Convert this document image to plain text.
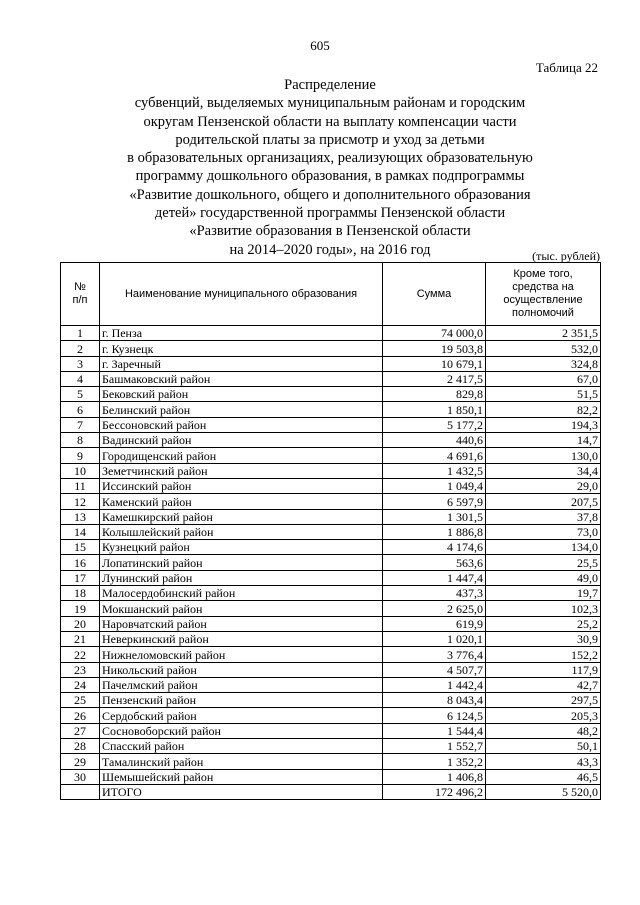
605
Таблица 22
Распределение
субвенций, выделяемых муниципальным районам и городским
округам Пензенской области на выплату компенсации части
родительской платы за присмотр и уход за детьми
в образовательных организациях, реализующих образовательную
программу дошкольного образования, в рамках подпрограммы
«Развитие дошкольного, общего и дополнительного образования
детей» государственной программы Пензенской области
«Развитие образования в Пензенской области
на 2014–2020 годы», на 2016 год	(тыс. рублей)
№
п/п	Наименование муниципального образования	Сумма	Кроме того,
средства на
осуществление
полномочий
1	г. Пенза	74 000,0	2 351,5
2	г. Кузнецк	19 503,8	532,0
3	г. Заречный	10 679,1	324,8
4	Башмаковский район	2 417,5	67,0
5	Бековский район	829,8	51,5
6	Белинский район	1 850,1	82,2
7	Бессоновский район	5 177,2	194,3
8	Вадинский район	440,6	14,7
9	Городищенский район	4 691,6	130,0
10	Земетчинский район	1 432,5	34,4
11	Иссинский район	1 049,4	29,0
12	Каменский район	6 597,9	207,5
13	Камешкирский район	1 301,5	37,8
14	Колышлейский район	1 886,8	73,0
15	Кузнецкий район	4 174,6	134,0
16	Лопатинский район	563,6	25,5
17	Лунинский район	1 447,4	49,0
18	Малосердобинский район	437,3	19,7
19	Мокшанский район	2 625,0	102,3
20	Наровчатский район	619,9	25,2
21	Неверкинский район	1 020,1	30,9
22	Нижнеломовский район	3 776,4	152,2
23	Никольский район	4 507,7	117,9
24	Пачелмский район	1 442,4	42,7
25	Пензенский район	8 043,4	297,5
26	Сердобский район	6 124,5	205,3
27	Сосновоборский район	1 544,4	48,2
28	Спасский район	1 552,7	50,1
29	Тамалинский район	1 352,2	43,3
30	Шемышейский район	1 406,8	46,5
	ИТОГО	172 496,2	5 520,0
